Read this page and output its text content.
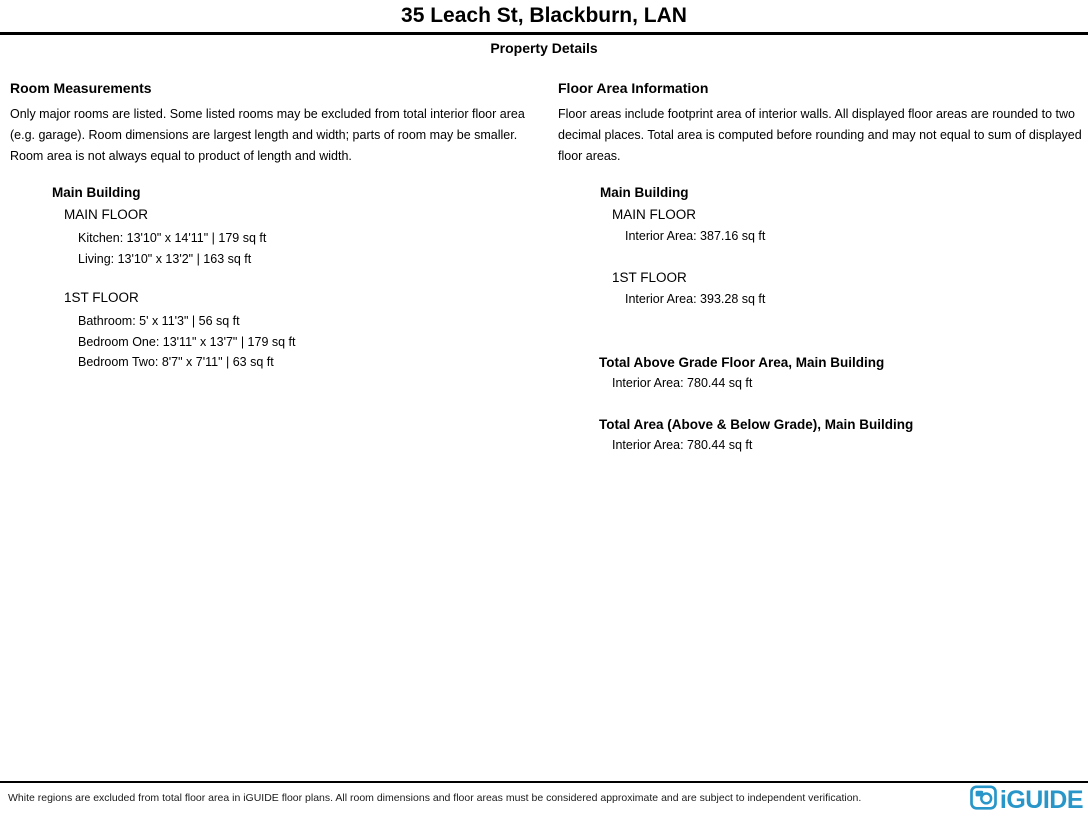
35 Leach St, Blackburn, LAN
Property Details
Room Measurements
Only major rooms are listed. Some listed rooms may be excluded from total interior floor area (e.g. garage). Room dimensions are largest length and width; parts of room may be smaller. Room area is not always equal to product of length and width.
Main Building
MAIN FLOOR
Kitchen: 13'10" x 14'11" | 179 sq ft
Living: 13'10" x 13'2" | 163 sq ft
1ST FLOOR
Bathroom: 5' x 11'3" | 56 sq ft
Bedroom One: 13'11" x 13'7" | 179 sq ft
Bedroom Two: 8'7" x 7'11" | 63 sq ft
Floor Area Information
Floor areas include footprint area of interior walls. All displayed floor areas are rounded to two decimal places. Total area is computed before rounding and may not equal to sum of displayed floor areas.
Main Building
MAIN FLOOR
Interior Area: 387.16 sq ft
1ST FLOOR
Interior Area: 393.28 sq ft
Total Above Grade Floor Area, Main Building
Interior Area: 780.44 sq ft
Total Area (Above & Below Grade), Main Building
Interior Area: 780.44 sq ft
White regions are excluded from total floor area in iGUIDE floor plans. All room dimensions and floor areas must be considered approximate and are subject to independent verification.	iGUIDE
